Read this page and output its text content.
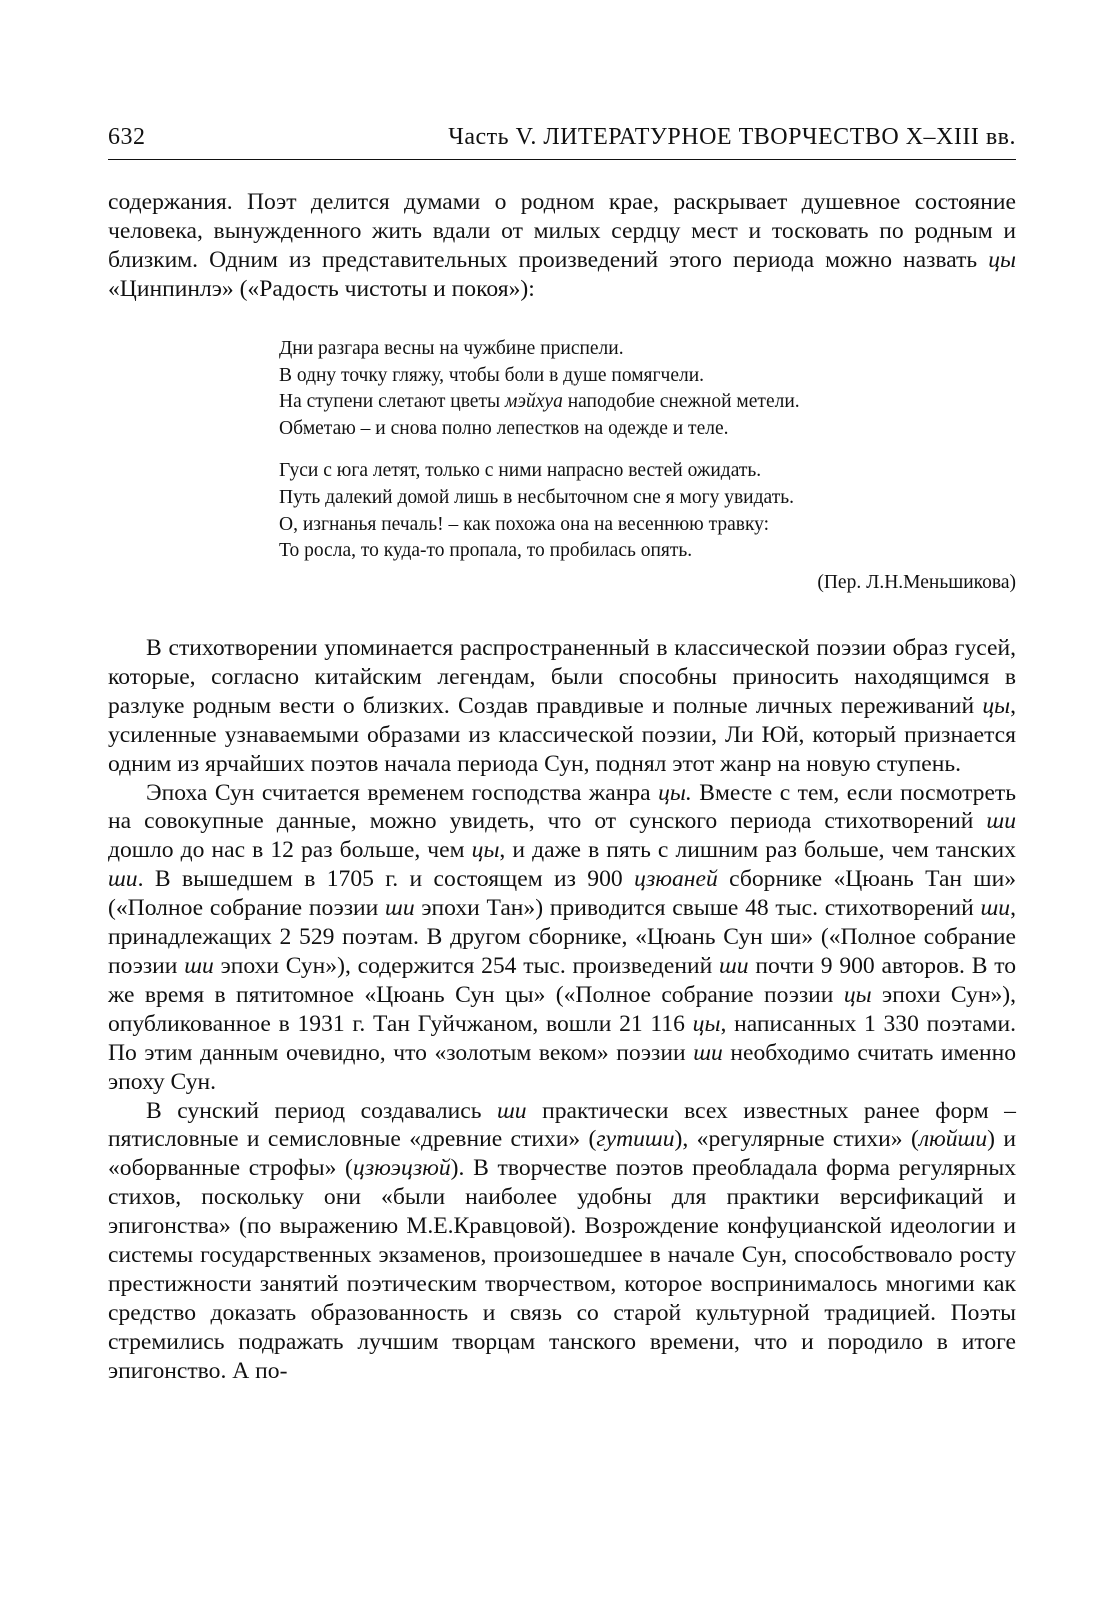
632	Часть V. ЛИТЕРАТУРНОЕ ТВОРЧЕСТВО X–XIII вв.

содержания. Поэт делится думами о родном крае, раскрывает душевное состояние человека, вынужденного жить вдали от милых сердцу мест и тосковать по родным и близким. Одним из представительных произведений этого периода можно назвать цы «Цинпинлэ» («Радость чистоты и покоя»):

Дни разгара весны на чужбине приспели.
В одну точку гляжу, чтобы боли в душе помягчели.
На ступени слетают цветы мэйхуа наподобие снежной метели.
Обметаю – и снова полно лепестков на одежде и теле.
Гуси с юга летят, только с ними напрасно вестей ожидать.
Путь далекий домой лишь в несбыточном сне я могу увидать.
О, изгнанья печаль! – как похожа она на весеннюю травку:
То росла, то куда-то пропала, то пробилась опять.
(Пер. Л.Н.Меньшикова)

В стихотворении упоминается распространенный в классической поэзии образ гусей, которые, согласно китайским легендам, были способны приносить находящимся в разлуке родным вести о близких. Создав правдивые и полные личных переживаний цы, усиленные узнаваемыми образами из классической поэзии, Ли Юй, который признается одним из ярчайших поэтов начала периода Сун, поднял этот жанр на новую ступень.

Эпоха Сун считается временем господства жанра цы. Вместе с тем, если посмотреть на совокупные данные, можно увидеть, что от сунского периода стихотворений ши дошло до нас в 12 раз больше, чем цы, и даже в пять с лишним раз больше, чем танских ши. В вышедшем в 1705 г. и состоящем из 900 цзюаней сборнике «Цюань Тан ши» («Полное собрание поэзии ши эпохи Тан») приводится свыше 48 тыс. стихотворений ши, принадлежащих 2 529 поэтам. В другом сборнике, «Цюань Сун ши» («Полное собрание поэзии ши эпохи Сун»), содержится 254 тыс. произведений ши почти 9 900 авторов. В то же время в пятитомное «Цюань Сун цы» («Полное собрание поэзии цы эпохи Сун»), опубликованное в 1931 г. Тан Гуйчжаном, вошли 21 116 цы, написанных 1 330 поэтами. По этим данным очевидно, что «золотым веком» поэзии ши необходимо считать именно эпоху Сун.

В сунский период создавались ши практически всех известных ранее форм – пятисловные и семисловные «древние стихи» (гутиши), «регулярные стихи» (люйши) и «оборванные строфы» (цзюэцзюй). В творчестве поэтов преобладала форма регулярных стихов, поскольку они «были наиболее удобны для практики версификаций и эпигонства» (по выражению М.Е.Кравцовой). Возрождение конфуцианской идеологии и системы государственных экзаменов, произошедшее в начале Сун, способствовало росту престижности занятий поэтическим творчеством, которое воспринималось многими как средство доказать образованность и связь со старой культурной традицией. Поэты стремились подражать лучшим творцам танского времени, что и породило в итоге эпигонство. А по-
